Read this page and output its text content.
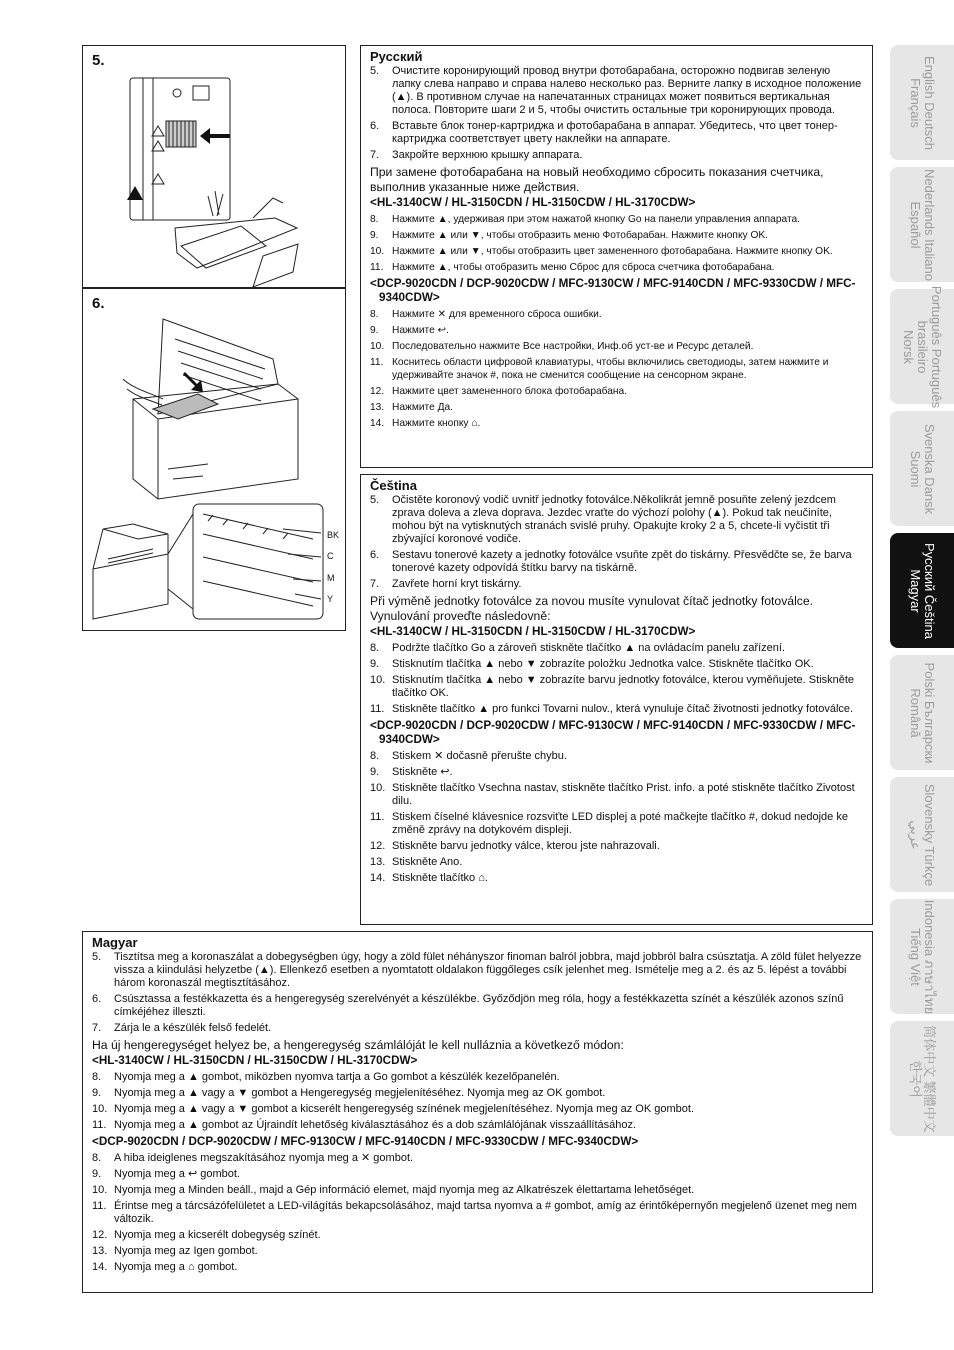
5.
6.
BK
C
M
Y
Русский
5. Очистите коронирующий провод внутри фотобарабана, осторожно подвигав зеленую лапку слева направо и справа налево несколько раз. Верните лапку в исходное положение (▲). В противном случае на напечатанных страницах может появиться вертикальная полоса. Повторите шаги 2 и 5, чтобы очистить остальные три коронирующих провода.
6. Вставьте блок тонер-картриджа и фотобарабана в аппарат. Убедитесь, что цвет тонер-картриджа соответствует цвету наклейки на аппарате.
7. Закройте верхнюю крышку аппарата.

При замене фотобарабана на новый необходимо сбросить показания счетчика, выполнив указанные ниже действия.

<HL-3140CW / HL-3150CDN / HL-3150CDW / HL-3170CDW>

8. Нажмите ▲, удерживая при этом нажатой кнопку Go на панели управления аппарата.
9. Нажмите ▲ или ▼, чтобы отобразить меню Фотобарабан. Нажмите кнопку OK.
10. Нажмите ▲ или ▼, чтобы отобразить цвет замененного фотобарабана. Нажмите кнопку OK.
11. Нажмите ▲, чтобы отобразить меню Сброс для сброса счетчика фотобарабана.

<DCP-9020CDN / DCP-9020CDW / MFC-9130CW / MFC-9140CDN / MFC-9330CDW / MFC-9340CDW>

8. Нажмите ✕ для временного сброса ошибки.
9. Нажмите ↩.
10. Последовательно нажмите Все настройки, Инф.об уст-ве и Ресурс деталей.
11. Коснитесь области цифровой клавиатуры, чтобы включились светодиоды, затем нажмите и удерживайте значок #, пока не сменится сообщение на сенсорном экране.
12. Нажмите цвет замененного блока фотобарабана.
13. Нажмите Да.
14. Нажмите кнопку ⌂.
Čeština
5. Očistěte koronový vodič uvnitř jednotky fotoválce.Několikrát jemně posuňte zelený jezdcem zprava doleva a zleva doprava. Jezdec vraťte do výchozí polohy (▲). Pokud tak neučiníte, mohou být na vytisknutých stranách svislé pruhy. Opakujte kroky 2 a 5, chcete-li vyčistit tři zbývající koronové vodiče.
6. Sestavu tonerové kazety a jednotky fotoválce vsuňte zpět do tiskárny. Přesvědčte se, že barva tonerové kazety odpovídá štítku barvy na tiskárně.
7. Zavřete horní kryt tiskárny.

Při výměně jednotky fotoválce za novou musíte vynulovat čítač jednotky fotoválce. Vynulování proveďte následovně:

<HL-3140CW / HL-3150CDN / HL-3150CDW / HL-3170CDW>

8. Podržte tlačítko Go a zároveň stiskněte tlačítko ▲ na ovládacím panelu zařízení.
9. Stisknutím tlačítka ▲ nebo ▼ zobrazíte položku Jednotka valce. Stiskněte tlačítko OK.
10. Stisknutím tlačítka ▲ nebo ▼ zobrazíte barvu jednotky fotoválce, kterou vyměňujete. Stiskněte tlačítko OK.
11. Stiskněte tlačítko ▲ pro funkci Tovarni nulov., která vynuluje čítač životnosti jednotky fotoválce.

<DCP-9020CDN / DCP-9020CDW / MFC-9130CW / MFC-9140CDN / MFC-9330CDW / MFC-9340CDW>

8. Stiskem ✕ dočasně přerušte chybu.
9. Stiskněte ↩.
10. Stiskněte tlačítko Vsechna nastav, stiskněte tlačítko Prist. info. a poté stiskněte tlačítko Zivotost dilu.
11. Stiskem číselné klávesnice rozsviťte LED displej a poté mačkejte tlačítko #, dokud nedojde ke změně zprávy na dotykovém displeji.
12. Stiskněte barvu jednotky válce, kterou jste nahrazovali.
13. Stiskněte Ano.
14. Stiskněte tlačítko ⌂.
Magyar
5. Tisztítsa meg a koronaszálat a dobegységben úgy, hogy a zöld fület néhányszor finoman balról jobbra, majd jobbról balra csúsztatja. A zöld fület helyezze vissza a kiindulási helyzetbe (▲). Ellenkező esetben a nyomtatott oldalakon függőleges csík jelenhet meg. Ismételje meg a 2. és az 5. lépést a további három koronaszál megtisztításához.
6. Csúsztassa a festékkazetta és a hengeregység szerelvényét a készülékbe. Győződjön meg róla, hogy a festékkazetta színét a készülék azonos színű címkéjéhez illeszti.
7. Zárja le a készülék felső fedelét.

Ha új hengeregységet helyez be, a hengeregység számlálóját le kell nulláznia a következő módon:

<HL-3140CW / HL-3150CDN / HL-3150CDW / HL-3170CDW>

8. Nyomja meg a ▲ gombot, miközben nyomva tartja a Go gombot a készülék kezelőpanelén.
9. Nyomja meg a ▲ vagy a ▼ gombot a Hengeregység megjelenítéséhez. Nyomja meg az OK gombot.
10. Nyomja meg a ▲ vagy a ▼ gombot a kicserélt hengeregység színének megjelenítéséhez. Nyomja meg az OK gombot.
11. Nyomja meg a ▲ gombot az Újraindít lehetőség kiválasztásához és a dob számlálójának visszaállításához.

<DCP-9020CDN / DCP-9020CDW / MFC-9130CW / MFC-9140CDN / MFC-9330CDW / MFC-9340CDW>

8. A hiba ideiglenes megszakításához nyomja meg a ✕ gombot.
9. Nyomja meg a ↩ gombot.
10. Nyomja meg a Minden beáll., majd a Gép információ elemet, majd nyomja meg az Alkatrészek élettartama lehetőséget.
11. Érintse meg a tárcsázófelületet a LED-világítás bekapcsolásához, majd tartsa nyomva a # gombot, amíg az érintőképernyőn megjelenő üzenet meg nem változik.
12. Nyomja meg a kicserélt dobegység színét.
13. Nyomja meg az Igen gombot.
14. Nyomja meg a ⌂ gombot.
English Deutsch
Français
Nederlands Italiano
Español
Português Português
brasileiro
Norsk
Svenska Dansk
Suomi
Русский Čeština
Magyar
Polski Български
Română
Slovensky Türkçe
عربي
Indonesia ภาษาไทย
Tiếng Việt
简体中文 繁體中文
한국어
